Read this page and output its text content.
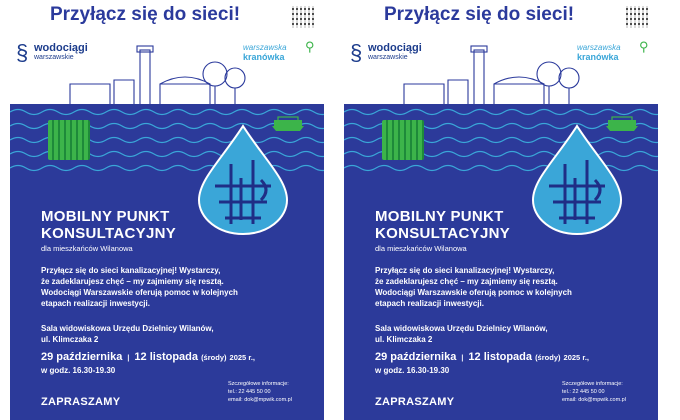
Przyłącz się do sieci!
§ wodociągi
warszawskie
warszawska
kranówka
⚲
MOBILNY PUNKT
KONSULTACYJNY
dla mieszkańców Wilanowa
Przyłącz się do sieci kanalizacyjnej! Wystarczy,
że zadeklarujesz chęć – my zajmiemy się resztą.
Wodociągi Warszawskie oferują pomoc w kolejnych
etapach realizacji inwestycji.
Sala widowiskowa Urzędu Dzielnicy Wilanów,
ul. Klimczaka 2
29 października | 12 listopada (środy) 2025 r.,
w godz. 16.30-19.30
Szczegółowe informacje:
tel.: 22 445 50 00
email: dok@mpwik.com.pl
ZAPRASZAMY
Przyłącz się do sieci!
§ wodociągi
warszawskie
warszawska
kranówka
⚲
MOBILNY PUNKT
KONSULTACYJNY
dla mieszkańców Wilanowa
Przyłącz się do sieci kanalizacyjnej! Wystarczy,
że zadeklarujesz chęć – my zajmiemy się resztą.
Wodociągi Warszawskie oferują pomoc w kolejnych
etapach realizacji inwestycji.
Sala widowiskowa Urzędu Dzielnicy Wilanów,
ul. Klimczaka 2
29 października | 12 listopada (środy) 2025 r.,
w godz. 16.30-19.30
Szczegółowe informacje:
tel.: 22 445 50 00
email: dok@mpwik.com.pl
ZAPRASZAMY
